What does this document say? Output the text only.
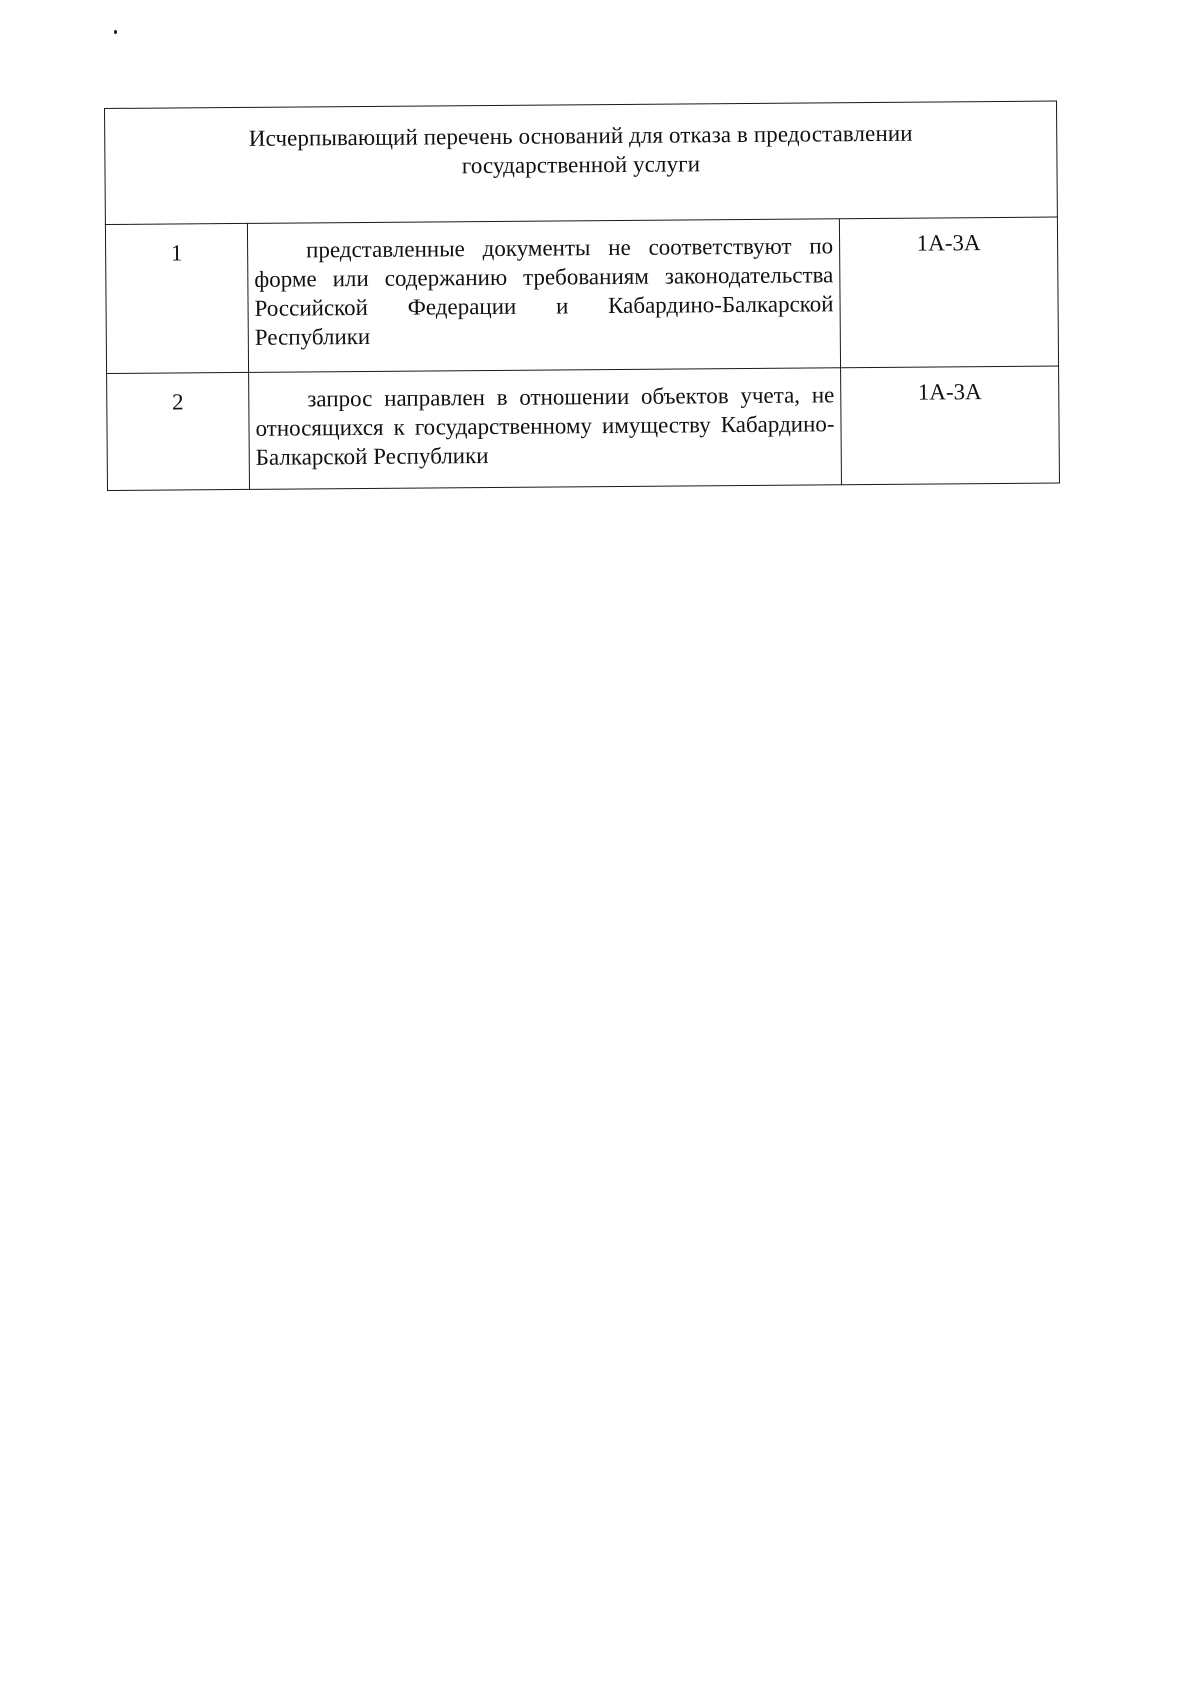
Исчерпывающий перечень оснований для отказа в предоставлении государственной услуги		

1	представленные документы не соответствуют по форме или содержанию требованиям законодательства Российской Федерации и Кабардино-Балкарской Республики	1А-3А
2	запрос направлен в отношении объектов учета, не относящихся к государственному имуществу Кабардино-Балкарской Республики	1А-3А
